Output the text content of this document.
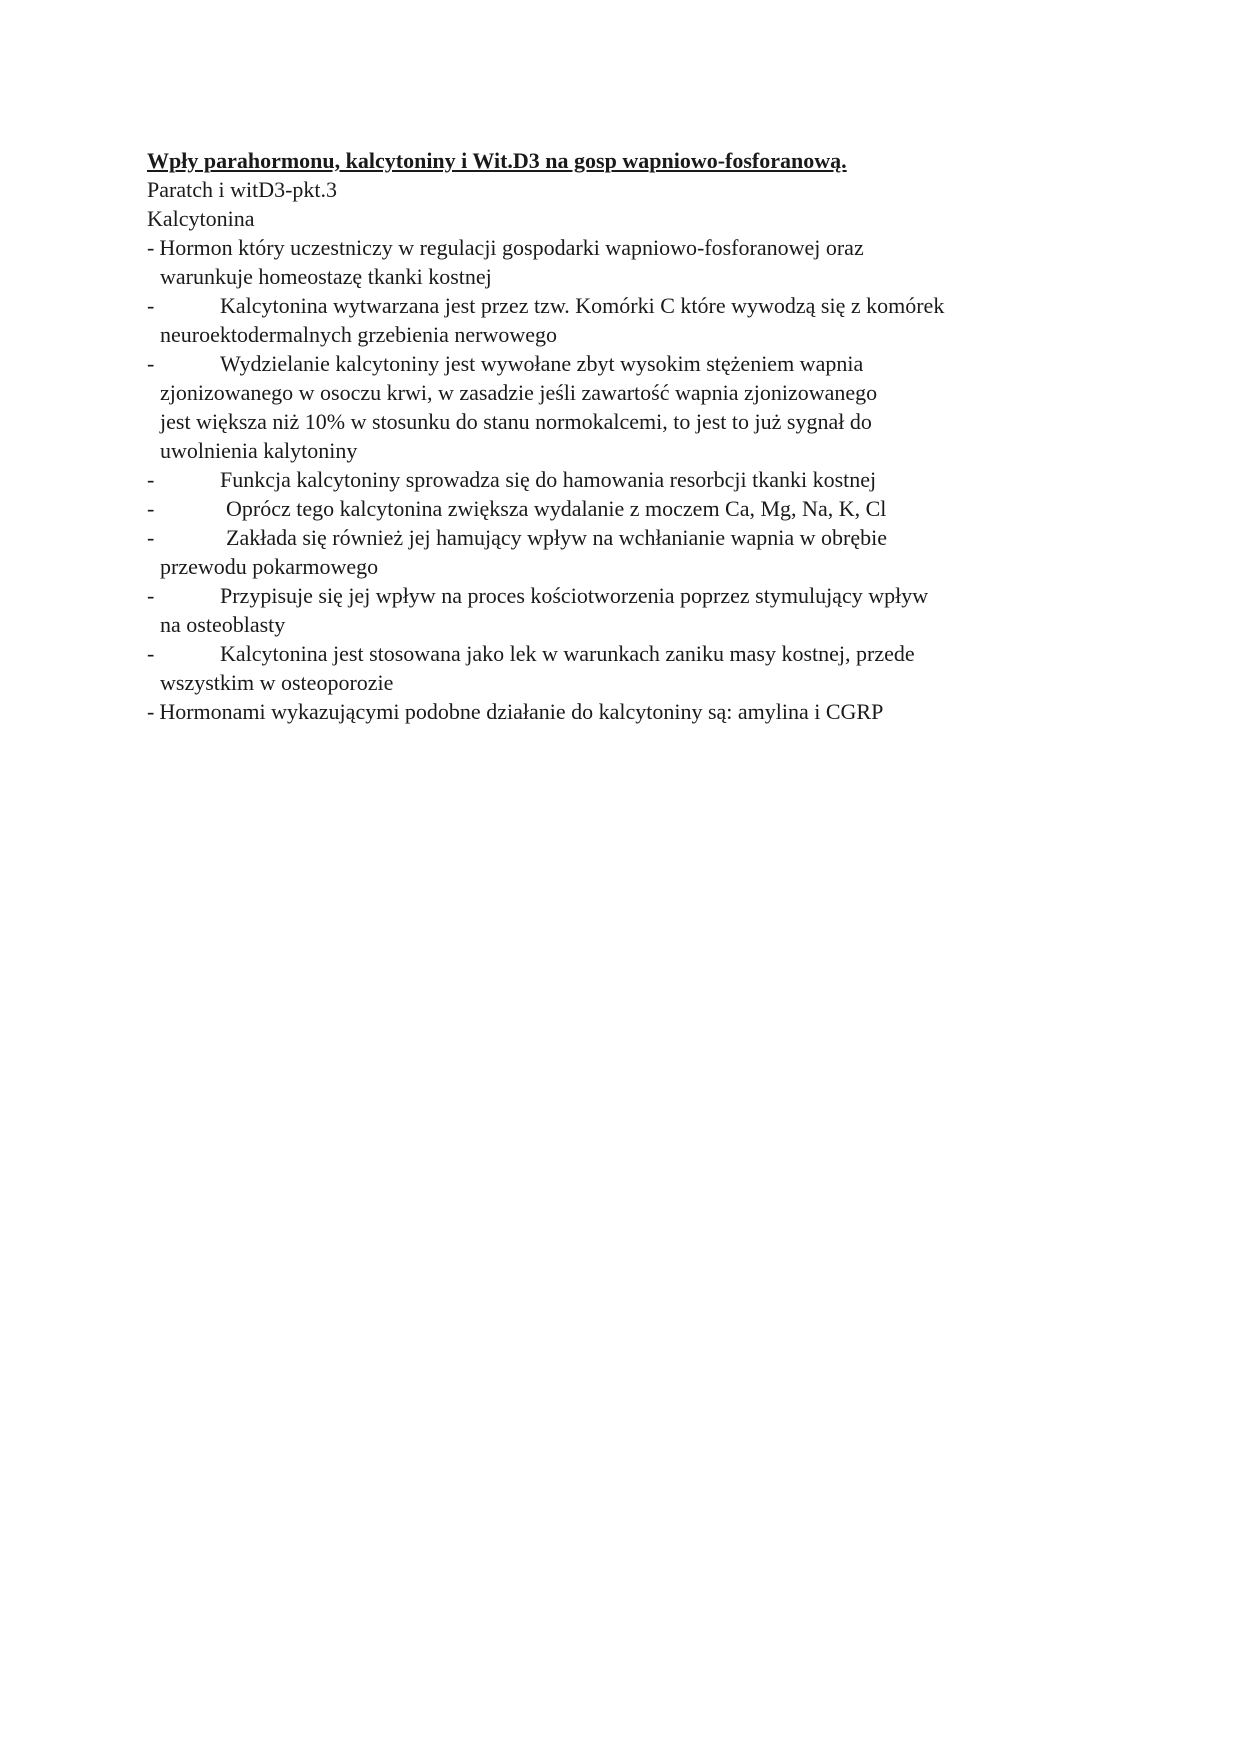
Wpły parahormonu, kalcytoniny i Wit.D3 na gosp wapniowo-fosforanową.

Paratch i witD3-pkt.3

Kalcytonina

- Hormon który uczestniczy w regulacji gospodarki wapniowo-fosforanowej oraz
warunkuje homeostazę tkanki kostnej
-	Kalcytonina wytwarzana jest przez tzw. Komórki C które wywodzą się z komórek
neuroektodermalnych grzebienia nerwowego
-	Wydzielanie kalcytoniny jest wywołane zbyt wysokim stężeniem wapnia
zjonizowanego w osoczu krwi, w zasadzie jeśli zawartość wapnia zjonizowanego
jest większa niż 10% w stosunku do stanu normokalcemi, to jest to już sygnał do
uwolnienia kalytoniny
-	Funkcja kalcytoniny sprowadza się do hamowania resorbcji tkanki kostnej
-	Oprócz tego kalcytonina zwiększa wydalanie z moczem Ca, Mg, Na, K, Cl
-	Zakłada się również jej hamujący wpływ na wchłanianie wapnia w obrębie
przewodu pokarmowego
-	Przypisuje się jej wpływ na proces kościotworzenia poprzez stymulujący wpływ
na osteoblasty
-	Kalcytonina jest stosowana jako lek w warunkach zaniku masy kostnej, przede
wszystkim w osteoporozie
- Hormonami wykazującymi podobne działanie do kalcytoniny są: amylina i CGRP
